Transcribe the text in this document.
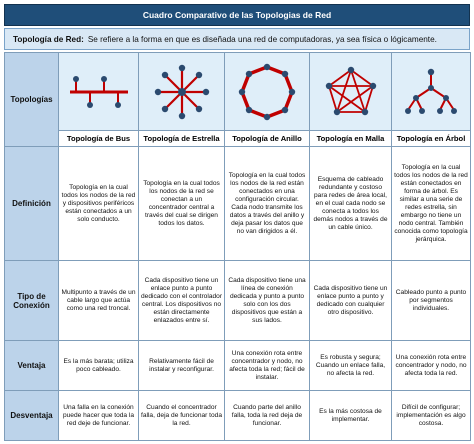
Cuadro Comparativo de las Topologias de Red
Topología de Red: Se refiere a la forma en que es diseñada una red de computadoras, ya sea física o lógicamente.
Topologías	

	Topología de Bus	Topología de Estrella	Topología de Anillo	Topología en Malla	Topología en Árbol
Definición	Topología en la cual todos los nodos de la red y dispositivos periféricos están conectados a un solo conducto.	Topología en la cual todos los nodos de la red se conectan a un concentrador central a través del cual se dirigen todos los datos.	Topología en la cual todos los nodos de la red están conectados en una configuración circular. Cada nodo transmite los datos a través del anillo y deja pasar los datos que no van dirigidos a él.	Esquema de cableado redundante y costoso para redes de área local, en el cual cada nodo se conecta a todos los demás nodos a través de un cable único.	Topología en la cual todos los nodos de la red están conectados en forma de árbol. Es similar a una serie de redes estrella, sin embargo no tiene un nodo central. También conocida como topología jerárquica.
Tipo de Conexión	Multipunto a través de un cable largo que actúa como una red troncal.	Cada dispositivo tiene un enlace punto a punto dedicado con el controlador central. Los dispositivos no están directamente enlazados entre sí.	Cada dispositivo tiene una línea de conexión dedicada y punto a punto solo con los dos dispositivos que están a sus lados.	Cada dispositivo tiene un enlace punto a punto y dedicado con cualquier otro dispositivo.	Cableado punto a punto por segmentos individuales.
Ventaja	Es la más barata; utiliza poco cableado.	Relativamente fácil de instalar y reconfigurar.	Una conexión rota entre concentrador y nodo, no afecta toda la red; fácil de instalar.	Es robusta y segura; Cuando un enlace falla, no afecta la red.	Una conexión rota entre concentrador y nodo, no afecta toda la red.
Desventaja	Una falla en la conexión puede hacer que toda la red deje de funcionar.	Cuando el concentrador falla, deja de funcionar toda la red.	Cuando parte del anillo falla, toda la red deja de funcionar.	Es la más costosa de implementar.	Difícil de configurar; implementación es algo costosa.
